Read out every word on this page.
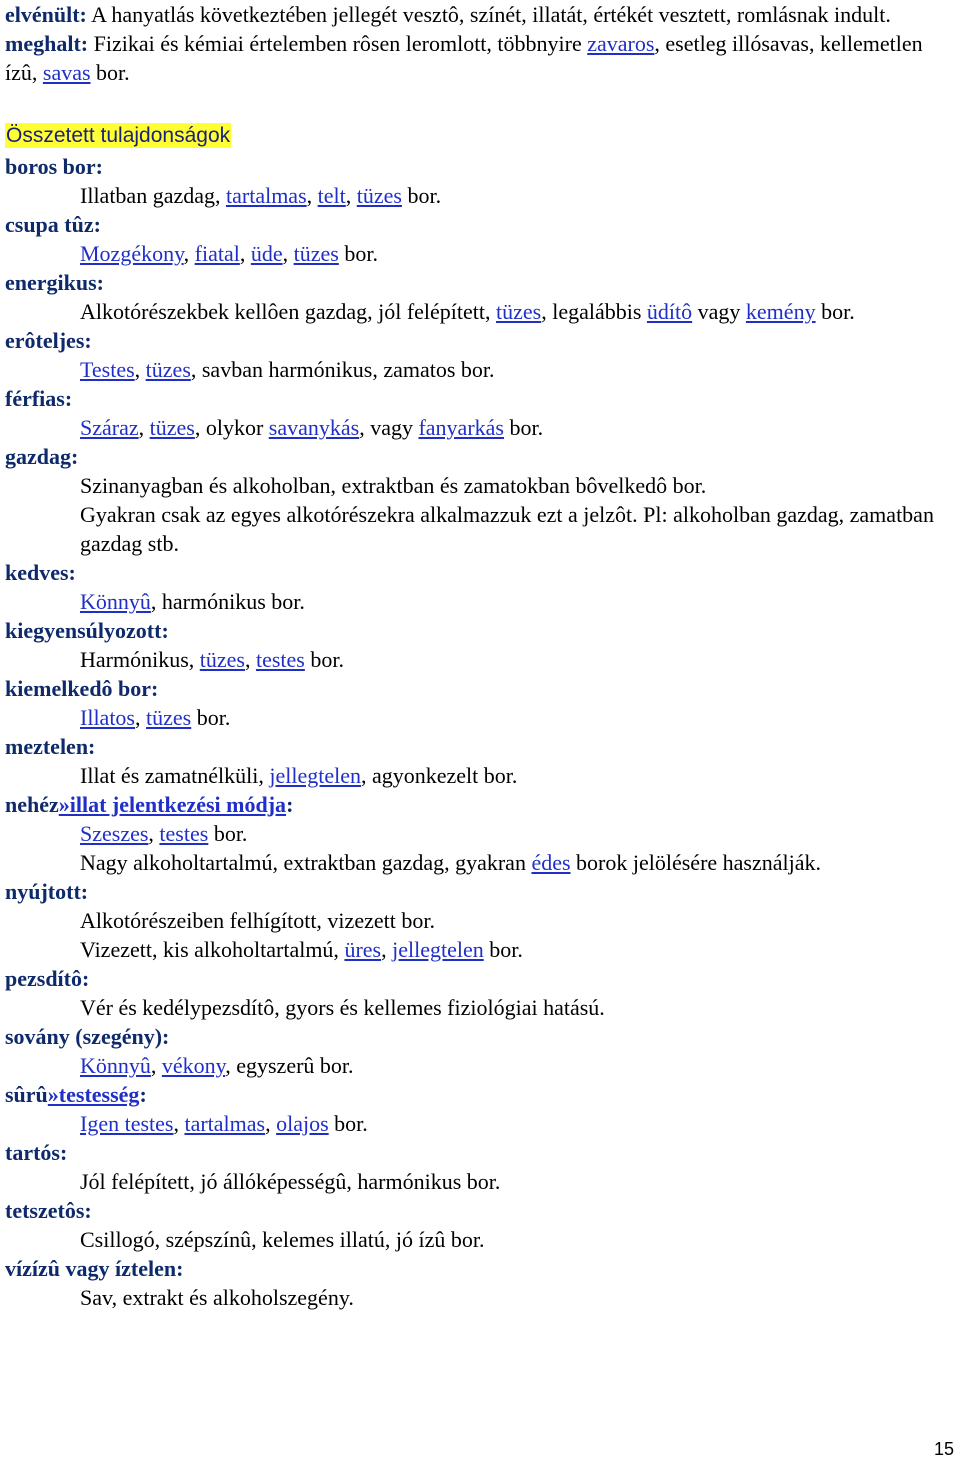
elvénült: A hanyatlás következtében jellegét vesztô, színét, illatát, értékét vesztett, romlásnak indult.
meghalt: Fizikai és kémiai értelemben rôsen leromlott, többnyire zavaros, esetleg illósavas, kellemetlen ízû, savas bor.
Összetett tulajdonságok
boros bor:
Illatban gazdag, tartalmas, telt, tüzes bor.
csupa tûz:
Mozgékony, fiatal, üde, tüzes bor.
energikus:
Alkotórészekbek kellôen gazdag, jól felépített, tüzes, legalábbis üdítô vagy kemény bor.
erôteljes:
Testes, tüzes, savban harmónikus, zamatos bor.
férfias:
Száraz, tüzes, olykor savanykás, vagy fanyarkás bor.
gazdag:
Szinanyagban és alkoholban, extraktban és zamatokban bôvelkedô bor.
Gyakran csak az egyes alkotórészekra alkalmazzuk ezt a jelzôt. Pl: alkoholban gazdag, zamatban gazdag stb.
kedves:
Könnyû, harmónikus bor.
kiegyensúlyozott:
Harmónikus, tüzes, testes bor.
kiemelkedô bor:
Illatos, tüzes bor.
meztelen:
Illat és zamatnélküli, jellegtelen, agyonkezelt bor.
nehéz»illat jelentkezési módja:
Szeszes, testes bor.
Nagy alkoholtartalmú, extraktban gazdag, gyakran édes borok jelölésére használják.
nyújtott:
Alkotórészeiben felhígított, vizezett bor.
Vizezett, kis alkoholtartalmú, üres, jellegtelen bor.
pezsdítô:
Vér és kedélypezsdítô, gyors és kellemes fiziológiai hatású.
sovány (szegény):
Könnyû, vékony, egyszerû bor.
sûrû»testesség:
Igen testes, tartalmas, olajos bor.
tartós:
Jól felépített, jó állóképességû, harmónikus bor.
tetszetôs:
Csillogó, szépszínû, kelemes illatú, jó ízû bor.
vízízû vagy íztelen:
Sav, extrakt és alkoholszegény.
15
